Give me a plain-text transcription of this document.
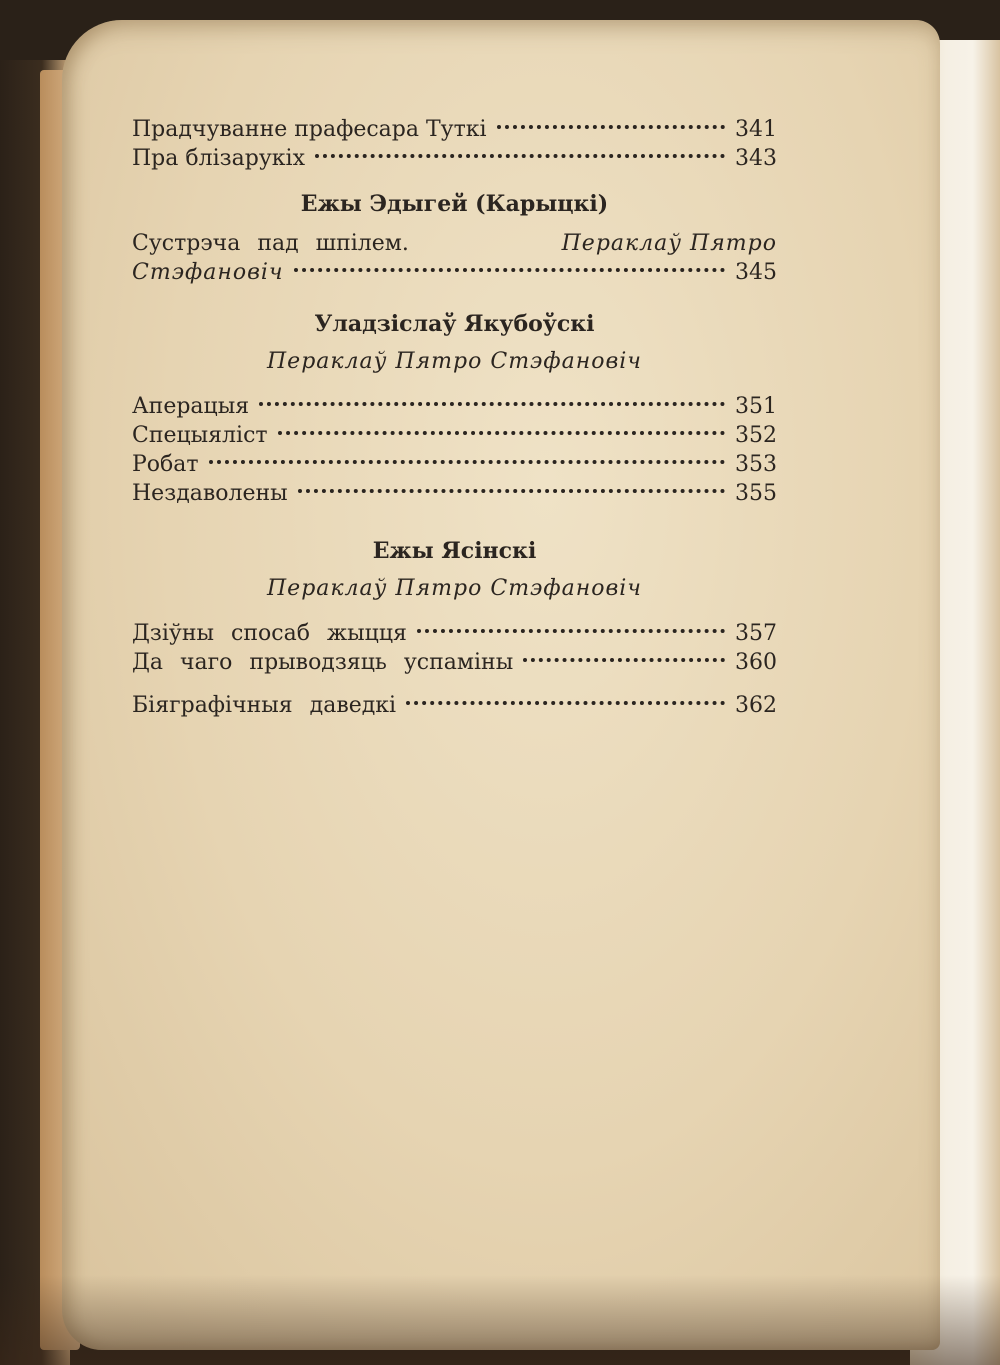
Прадчуванне прафесара Туткі	341
Пра блізарукіх	343
Ежы Эдыгей (Карыцкі)
Сустрэча пад шпілем.	Пераклаў Пятро
Стэфановіч	345
Уладзіслаў Якубоўскі
Пераклаў Пятро Стэфановіч
Аперацыя	351
Спецыяліст	352
Робат	353
Нездаволены	355
Ежы Ясінскі
Пераклаў Пятро Стэфановіч
Дзіўны спосаб жыцця	357
Да чаго прыводзяць успаміны	360
Біяграфічныя даведкі	362
